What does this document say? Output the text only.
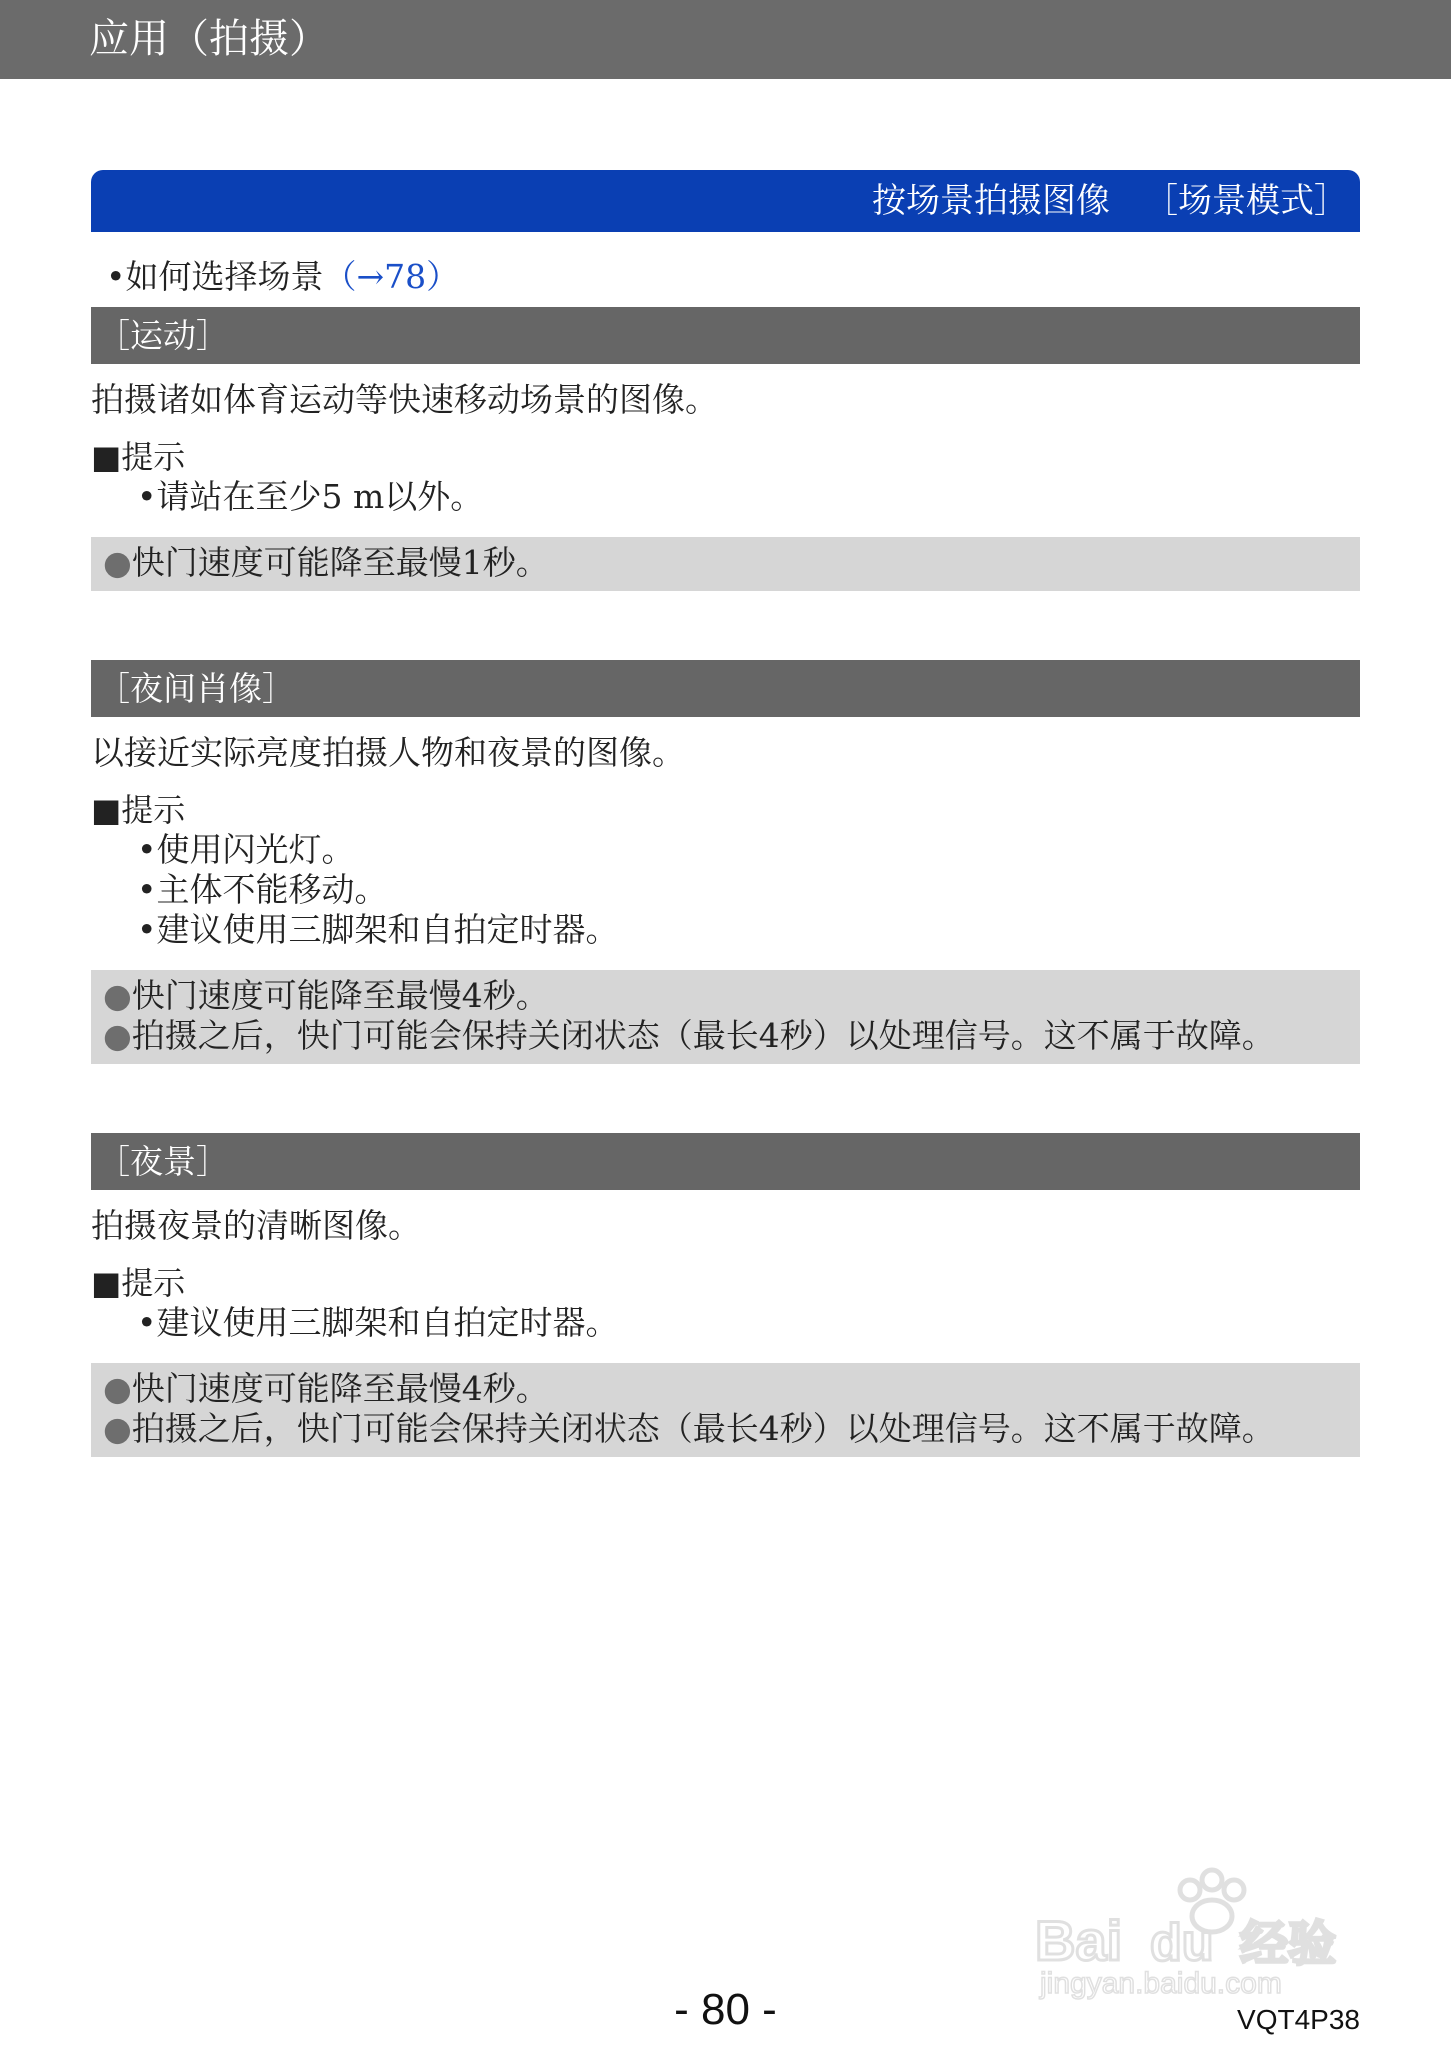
应用（拍摄）
按场景拍摄图像 ［场景模式］
•如何选择场景（→78）
［运动］
拍摄诸如体育运动等快速移动场景的图像。
■提示
•请站在至少5 m以外。
●快门速度可能降至最慢1秒。
［夜间肖像］
以接近实际亮度拍摄人物和夜景的图像。
■提示
•使用闪光灯。
•主体不能移动。
•建议使用三脚架和自拍定时器。
●快门速度可能降至最慢4秒。
●拍摄之后，快门可能会保持关闭状态（最长4秒）以处理信号。这不属于故障。
［夜景］
拍摄夜景的清晰图像。
■提示
•建议使用三脚架和自拍定时器。
●快门速度可能降至最慢4秒。
●拍摄之后，快门可能会保持关闭状态（最长4秒）以处理信号。这不属于故障。
Bai du 经验
jingyan.baidu.com
- 80 -	VQT4P38
